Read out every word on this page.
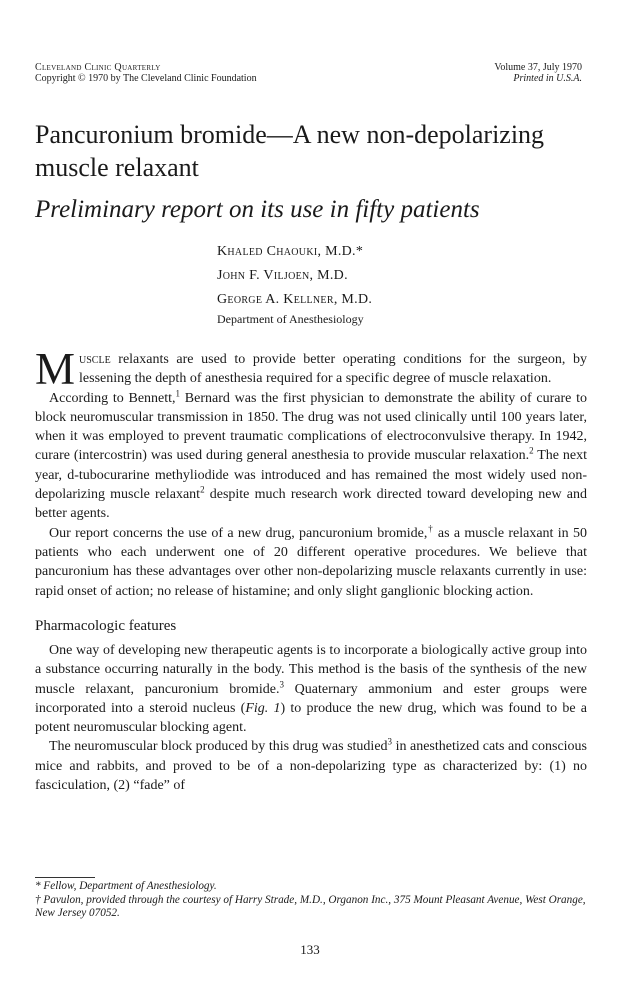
Cleveland Clinic Quarterly
Copyright © 1970 by The Cleveland Clinic Foundation
Volume 37, July 1970
Printed in U.S.A.
Pancuronium bromide—A new non-depolarizing muscle relaxant
Preliminary report on its use in fifty patients
Khaled Chaouki, M.D.*
John F. Viljoen, M.D.
George A. Kellner, M.D.
Department of Anesthesiology

Muscle relaxants are used to provide better operating conditions for the surgeon, by lessening the depth of anesthesia required for a specific degree of muscle relaxation.

According to Bennett,$^1$ Bernard was the first physician to demonstrate the ability of curare to block neuromuscular transmission in 1850. The drug was not used clinically until 100 years later, when it was employed to prevent traumatic complications of electroconvulsive therapy. In 1942, curare (intercostrin) was used during general anesthesia to provide muscular relaxation.$^2$ The next year, d-tubocurarine methyliodide was introduced and has remained the most widely used non-depolarizing muscle relaxant$^2$ despite much research work directed toward developing new and better agents.

Our report concerns the use of a new drug, pancuronium bromide,† as a muscle relaxant in 50 patients who each underwent one of 20 different operative procedures. We believe that pancuronium has these advantages over other non-depolarizing muscle relaxants currently in use: rapid onset of action; no release of histamine; and only slight ganglionic blocking action.

Pharmacologic features

One way of developing new therapeutic agents is to incorporate a biologically active group into a substance occurring naturally in the body. This method is the basis of the synthesis of the new muscle relaxant, pancuronium bromide.$^3$ Quaternary ammonium and ester groups were incorporated into a steroid nucleus (Fig. 1) to produce the new drug, which was found to be a potent neuromuscular blocking agent.

The neuromuscular block produced by this drug was studied$^3$ in anesthetized cats and conscious mice and rabbits, and proved to be of a non-depolarizing type as characterized by: (1) no fasciculation, (2) “fade” of

* Fellow, Department of Anesthesiology.
† Pavulon, provided through the courtesy of Harry Strade, M.D., Organon Inc., 375 Mount Pleasant Avenue, West Orange, New Jersey 07052.
133
